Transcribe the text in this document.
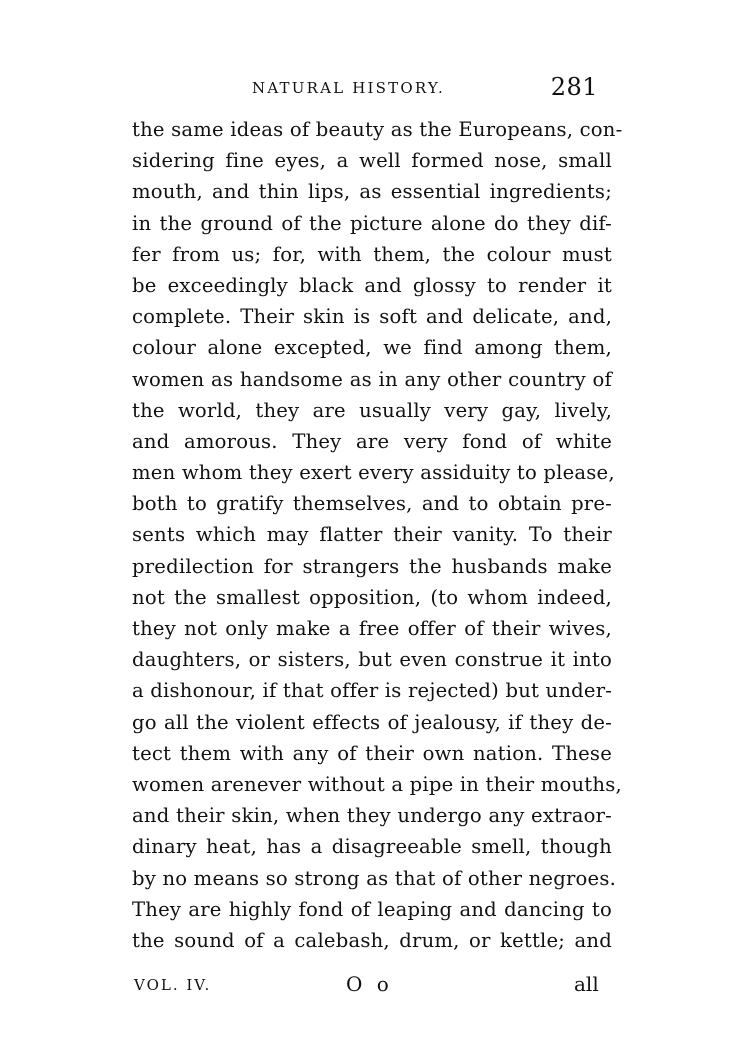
NATURAL HISTORY.	281
the same ideas of beauty as the Europeans, con-
sidering fine eyes, a well formed nose, small
mouth, and thin lips, as essential ingredients;
in the ground of the picture alone do they dif-
fer from us; for, with them, the colour must
be exceedingly black and glossy to render it
complete. Their skin is soft and delicate, and,
colour alone excepted, we find among them,
women as handsome as in any other country of
the world, they are usually very gay, lively,
and amorous. They are very fond of white
men whom they exert every assiduity to please,
both to gratify themselves, and to obtain pre-
sents which may flatter their vanity. To their
predilection for strangers the husbands make
not the smallest opposition, (to whom indeed,
they not only make a free offer of their wives,
daughters, or sisters, but even construe it into
a dishonour, if that offer is rejected) but under-
go all the violent effects of jealousy, if they de-
tect them with any of their own nation. These
women arenever without a pipe in their mouths,
and their skin, when they undergo any extraor-
dinary heat, has a disagreeable smell, though
by no means so strong as that of other negroes.
They are highly fond of leaping and dancing to
the sound of a calebash, drum, or kettle; and
VOL. IV.	O o	all
